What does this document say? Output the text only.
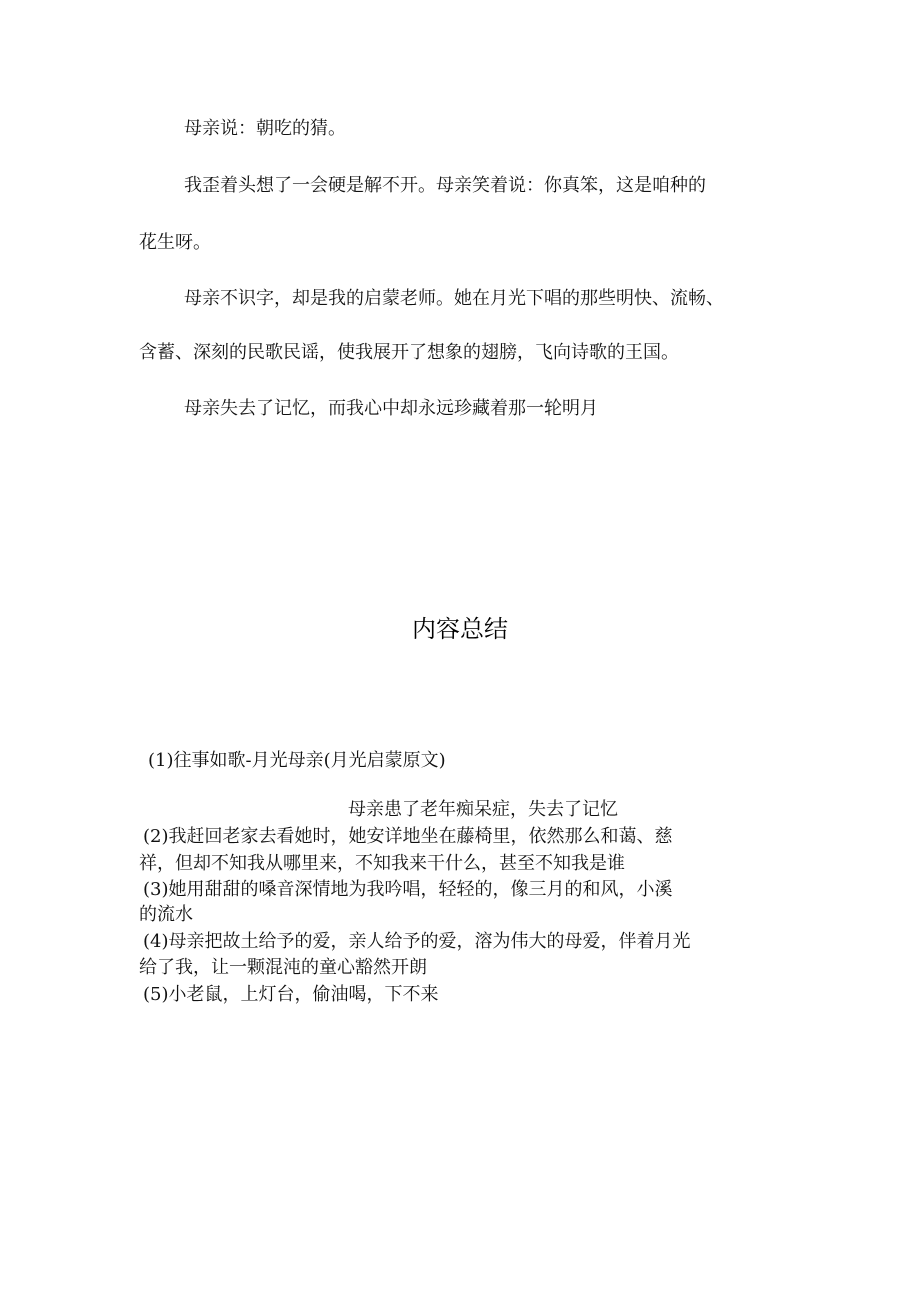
母亲说：朝吃的猜。
我歪着头想了一会硬是解不开。母亲笑着说：你真笨，这是咱种的
花生呀。
母亲不识字，却是我的启蒙老师。她在月光下唱的那些明快、流畅、
含蓄、深刻的民歌民谣，使我展开了想象的翅膀，飞向诗歌的王国。
母亲失去了记忆，而我心中却永远珍藏着那一轮明月
内容总结
(1)往事如歌-月光母亲(月光启蒙原文)
母亲患了老年痴呆症，失去了记忆
(2)我赶回老家去看她时，她安详地坐在藤椅里，依然那么和蔼、慈
祥，但却不知我从哪里来，不知我来干什么，甚至不知我是谁
(3)她用甜甜的嗓音深情地为我吟唱，轻轻的，像三月的和风，小溪
的流水
(4)母亲把故土给予的爱，亲人给予的爱，溶为伟大的母爱，伴着月光
给了我，让一颗混沌的童心豁然开朗
(5)小老鼠，上灯台，偷油喝，下不来
